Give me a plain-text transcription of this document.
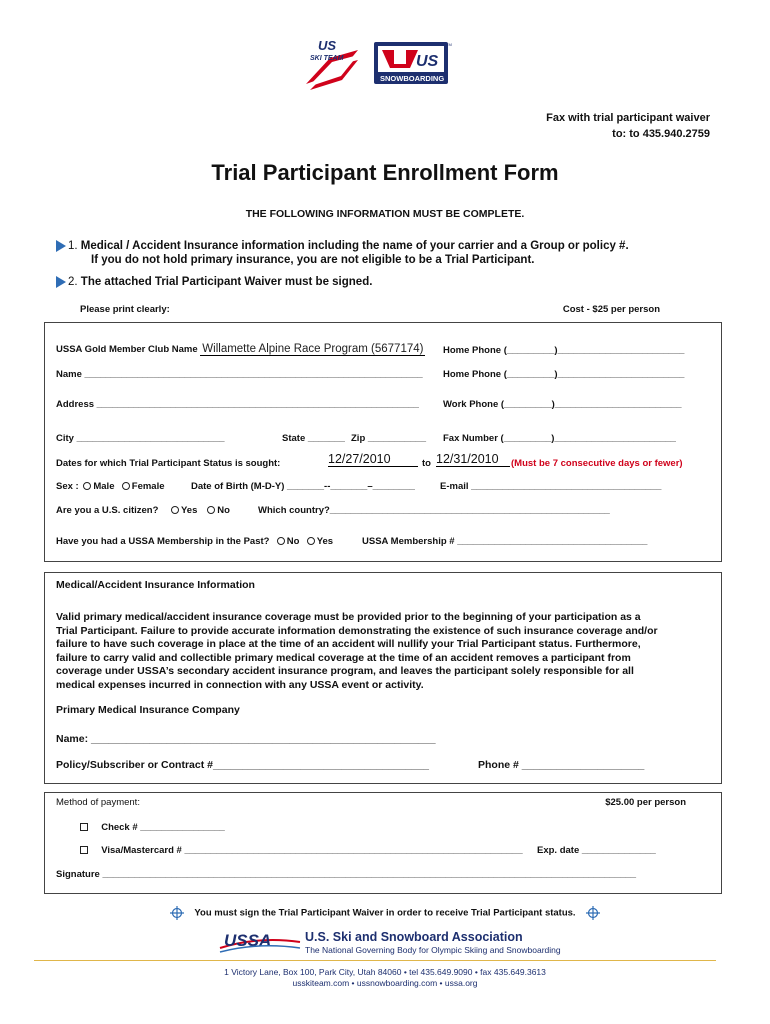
US
SKI TEAM	US
SNOWBOARDING
TM
Fax with trial participant waiver
to: to 435.940.2759
Trial Participant Enrollment Form
THE FOLLOWING INFORMATION MUST BE COMPLETE.
1. Medical / Accident Insurance information including the name of your carrier and a Group or policy #.
If you do not hold primary insurance, you are not eligible to be a Trial Participant.
2. The attached Trial Participant Waiver must be signed.
Please print clearly:	Cost - $25 per person
USSA Gold Member Club Name Willamette Alpine Race Program (5677174) Home Phone (_________)________________________
Name ________________________________________________________________ Home Phone (_________)________________________
Address _____________________________________________________________	Work Phone (_________)________________________
City ____________________________	State _______ Zip ___________ Fax Number (_________)_______________________
Dates for which Trial Participant Status is sought:	12/27/2010	to 12/31/2010	(Must be 7 consecutive days or fewer)
Sex : Male Female	Date of Birth (M-D-Y) _______--_______–________	E-mail ____________________________________
Are you a U.S. citizen? Yes No	Which country?_____________________________________________________
Have you had a USSA Membership in the Past? No Yes	USSA Membership # ____________________________________
Medical/Accident Insurance Information
Valid primary medical/accident insurance coverage must be provided prior to the beginning of your participation as a
Trial Participant. Failure to provide accurate information demonstrating the existence of such insurance coverage and/or
failure to have such coverage in place at the time of an accident will nullify your Trial Participant status. Furthermore,
failure to carry valid and collectible primary medical coverage at the time of an accident removes a participant from
coverage under USSA’s secondary accident insurance program, and leaves the participant solely responsible for all
medical expenses incurred in connection with any USSA event or activity.
Primary Medical Insurance Company
Name: ___________________________________________________________
Policy/Subscriber or Contract #_____________________________________	Phone # _____________________
Method of payment:	$25.00 per person
Check # ________________
Visa/Mastercard # ________________________________________________________________ Exp. date ______________
Signature _____________________________________________________________________________________________________
You must sign the Trial Participant Waiver in order to receive Trial Participant status.
USSA	U.S. Ski and Snowboard Association
The National Governing Body for Olympic Skiing and Snowboarding
1 Victory Lane, Box 100, Park City, Utah 84060 • tel 435.649.9090 • fax 435.649.3613
usskiteam.com • ussnowboarding.com • ussa.org
